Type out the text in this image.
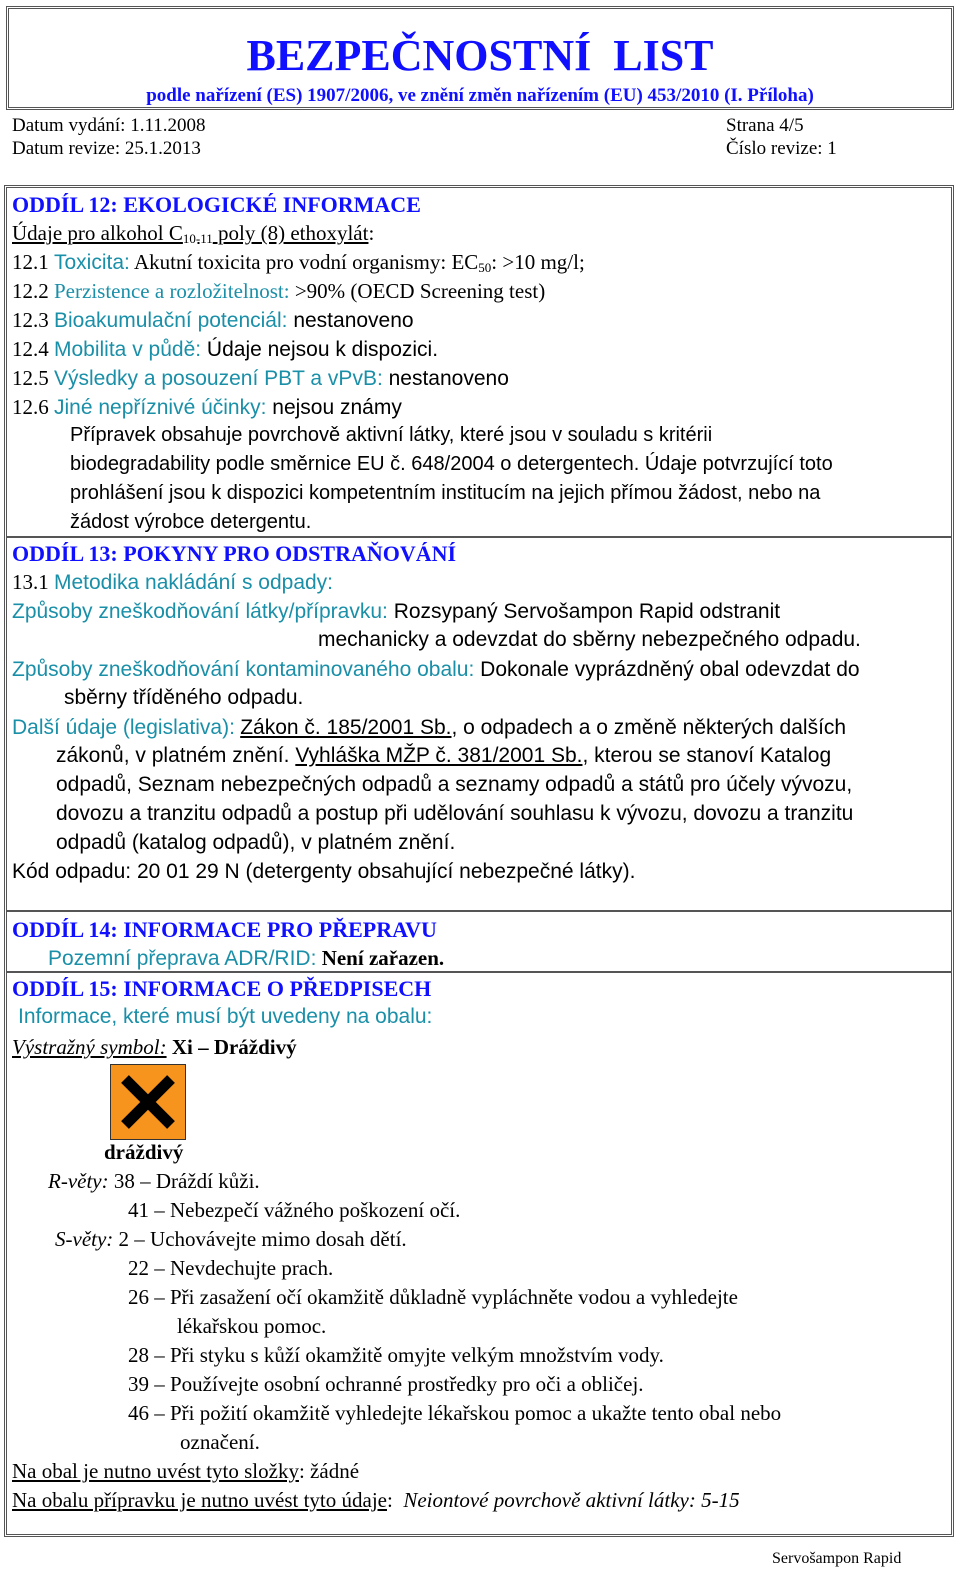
BEZPEČNOSTNÍ  LIST
podle nařízení (ES) 1907/2006, ve znění změn nařízením (EU) 453/2010 (I. Příloha)
Datum vydání: 1.11.2008	Strana 4/5
Datum revize: 25.1.2013	Číslo revize: 1
ODDÍL 12: EKOLOGICKÉ INFORMACE
Údaje pro alkohol $C_{10-11}$ poly (8) ethoxylát:
12.1 Toxicita: Akutní toxicita pro vodní organismy: $EC_{50}$: >10 mg/l;
12.2 Perzistence a rozložitelnost: >90% (OECD Screening test)
12.3 Bioakumulační potenciál: nestanoveno
12.4 Mobilita v půdě: Údaje nejsou k dispozici.
12.5 Výsledky a posouzení PBT a vPvB: nestanoveno
12.6 Jiné nepříznivé účinky: nejsou známy
Přípravek obsahuje povrchově aktivní látky, které jsou v souladu s kritérii
biodegradability podle směrnice EU č. 648/2004 o detergentech. Údaje potvrzující toto
prohlášení jsou k dispozici kompetentním institucím na jejich přímou žádost, nebo na
žádost výrobce detergentu.
ODDÍL 13: POKYNY PRO ODSTRAŇOVÁNÍ
13.1 Metodika nakládání s odpady:
Způsoby zneškodňování látky/přípravku: Rozsypaný Servošampon Rapid odstranit
mechanicky a odevzdat do sběrny nebezpečného odpadu.
Způsoby zneškodňování kontaminovaného obalu: Dokonale vyprázdněný obal odevzdat do
sběrny tříděného odpadu.
Další údaje (legislativa): Zákon č. 185/2001 Sb., o odpadech a o změně některých dalších
zákonů, v platném znění. Vyhláška MŽP č. 381/2001 Sb., kterou se stanoví Katalog
odpadů, Seznam nebezpečných odpadů a seznamy odpadů a států pro účely vývozu,
dovozu a tranzitu odpadů a postup při udělování souhlasu k vývozu, dovozu a tranzitu
odpadů (katalog odpadů), v platném znění.
Kód odpadu: 20 01 29 N (detergenty obsahující nebezpečné látky).
ODDÍL 14: INFORMACE PRO PŘEPRAVU
Pozemní přeprava ADR/RID: Není zařazen.
ODDÍL 15: INFORMACE O PŘEDPISECH
Informace, které musí být uvedeny na obalu:
Výstražný symbol: Xi – Dráždivý
dráždivý
R-věty: 38 – Dráždí kůži.
41 – Nebezpečí vážného poškození očí.
S-věty: 2 – Uchovávejte mimo dosah dětí.
22 – Nevdechujte prach.
26 – Při zasažení očí okamžitě důkladně vypláchněte vodou a vyhledejte
lékařskou pomoc.
28 – Při styku s kůží okamžitě omyjte velkým množstvím vody.
39 – Používejte osobní ochranné prostředky pro oči a obličej.
46 – Při požití okamžitě vyhledejte lékařskou pomoc a ukažte tento obal nebo
označení.
Na obal je nutno uvést tyto složky: žádné
Na obalu přípravku je nutno uvést tyto údaje:  Neiontové povrchově aktivní látky: 5-15
Servošampon Rapid
